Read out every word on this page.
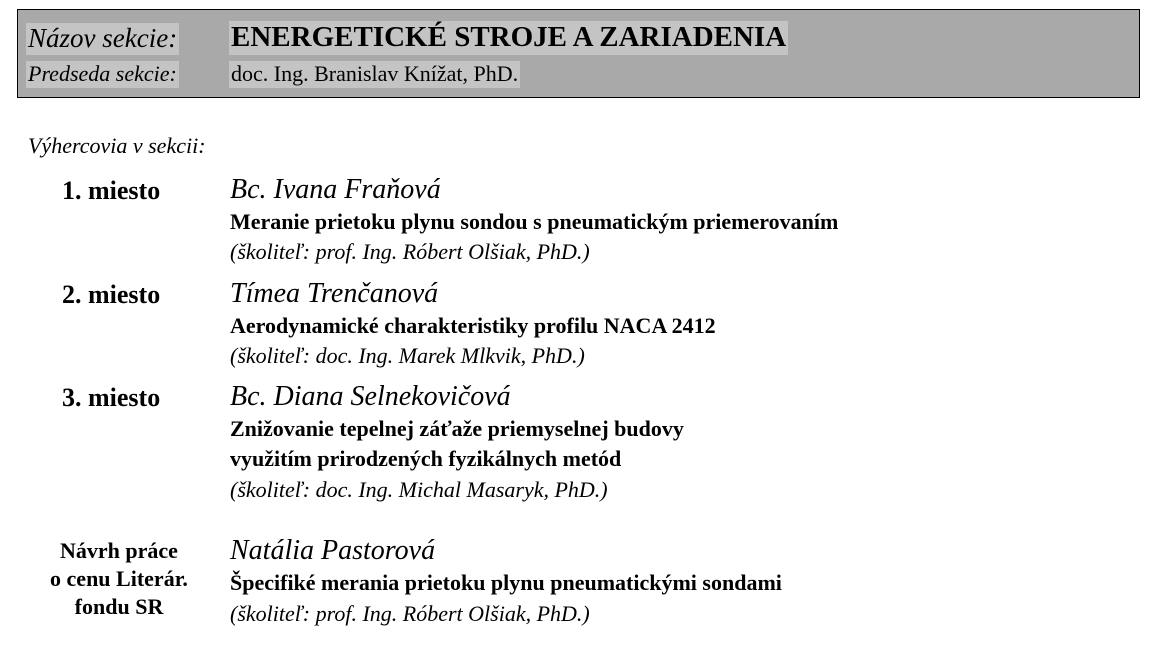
Názov sekcie: ENERGETICKÉ STROJE A ZARIADENIA
Predseda sekcie: doc. Ing. Branislav Knížat, PhD.
Výhercovia v sekcii:
1. miesto Bc. Ivana Fraňová
Meranie prietoku plynu sondou s pneumatickým priemerovaním
(školiteľ: prof. Ing. Róbert Olšiak, PhD.)
2. miesto Tímea Trenčanová
Aerodynamické charakteristiky profilu NACA 2412
(školiteľ: doc. Ing. Marek Mlkvik, PhD.)
3. miesto Bc. Diana Selnekovičová
Znižovanie tepelnej záťaže priemyselnej budovy
využitím prirodzených fyzikálnych metód
(školiteľ: doc. Ing. Michal Masaryk, PhD.)
Návrh práce
o cenu Literár.
fondu SR
Natália Pastorová
Špecifiké merania prietoku plynu pneumatickými sondami
(školiteľ: prof. Ing. Róbert Olšiak, PhD.)
